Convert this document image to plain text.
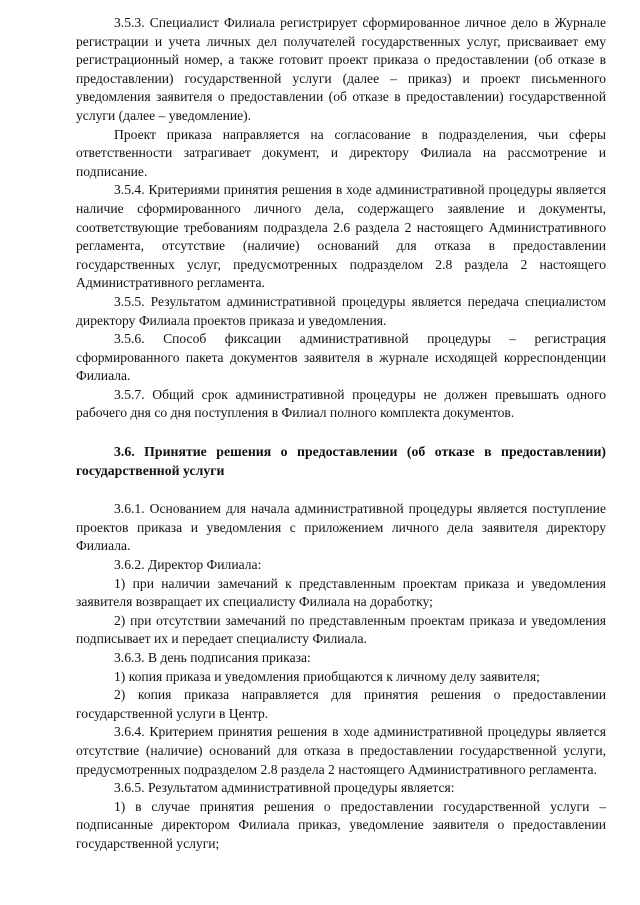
3.5.3. Специалист Филиала регистрирует сформированное личное дело в Журнале регистрации и учета личных дел получателей государственных услуг, присваивает ему регистрационный номер, а также готовит проект приказа о предоставлении (об отказе в предоставлении) государственной услуги (далее – приказ) и проект письменного уведомления заявителя о предоставлении (об отказе в предоставлении) государственной услуги (далее – уведомление).

Проект приказа направляется на согласование в подразделения, чьи сферы ответственности затрагивает документ, и директору Филиала на рассмотрение и подписание.

3.5.4. Критериями принятия решения в ходе административной процедуры является наличие сформированного личного дела, содержащего заявление и документы, соответствующие требованиям подраздела 2.6 раздела 2 настоящего Административного регламента, отсутствие (наличие) оснований для отказа в предоставлении государственных услуг, предусмотренных подразделом 2.8 раздела 2 настоящего Административного регламента.

3.5.5. Результатом административной процедуры является передача специалистом директору Филиала проектов приказа и уведомления.

3.5.6. Способ фиксации административной процедуры – регистрация сформированного пакета документов заявителя в журнале исходящей корреспонденции Филиала.

3.5.7. Общий срок административной процедуры не должен превышать одного рабочего дня со дня поступления в Филиал полного комплекта документов.

3.6. Принятие решения о предоставлении (об отказе в предоставлении) государственной услуги

3.6.1. Основанием для начала административной процедуры является поступление проектов приказа и уведомления с приложением личного дела заявителя директору Филиала.

3.6.2. Директор Филиала:

1) при наличии замечаний к представленным проектам приказа и уведомления заявителя возвращает их специалисту Филиала на доработку;

2) при отсутствии замечаний по представленным проектам приказа и уведомления подписывает их и передает специалисту Филиала.

3.6.3. В день подписания приказа:

1) копия приказа и уведомления приобщаются к личному делу заявителя;

2) копия приказа направляется для принятия решения о предоставлении государственной услуги в Центр.

3.6.4. Критерием принятия решения в ходе административной процедуры является отсутствие (наличие) оснований для отказа в предоставлении государственной услуги, предусмотренных подразделом 2.8 раздела 2 настоящего Административного регламента.

3.6.5. Результатом административной процедуры является:

1) в случае принятия решения о предоставлении государственной услуги – подписанные директором Филиала приказ, уведомление заявителя о предоставлении государственной услуги;
